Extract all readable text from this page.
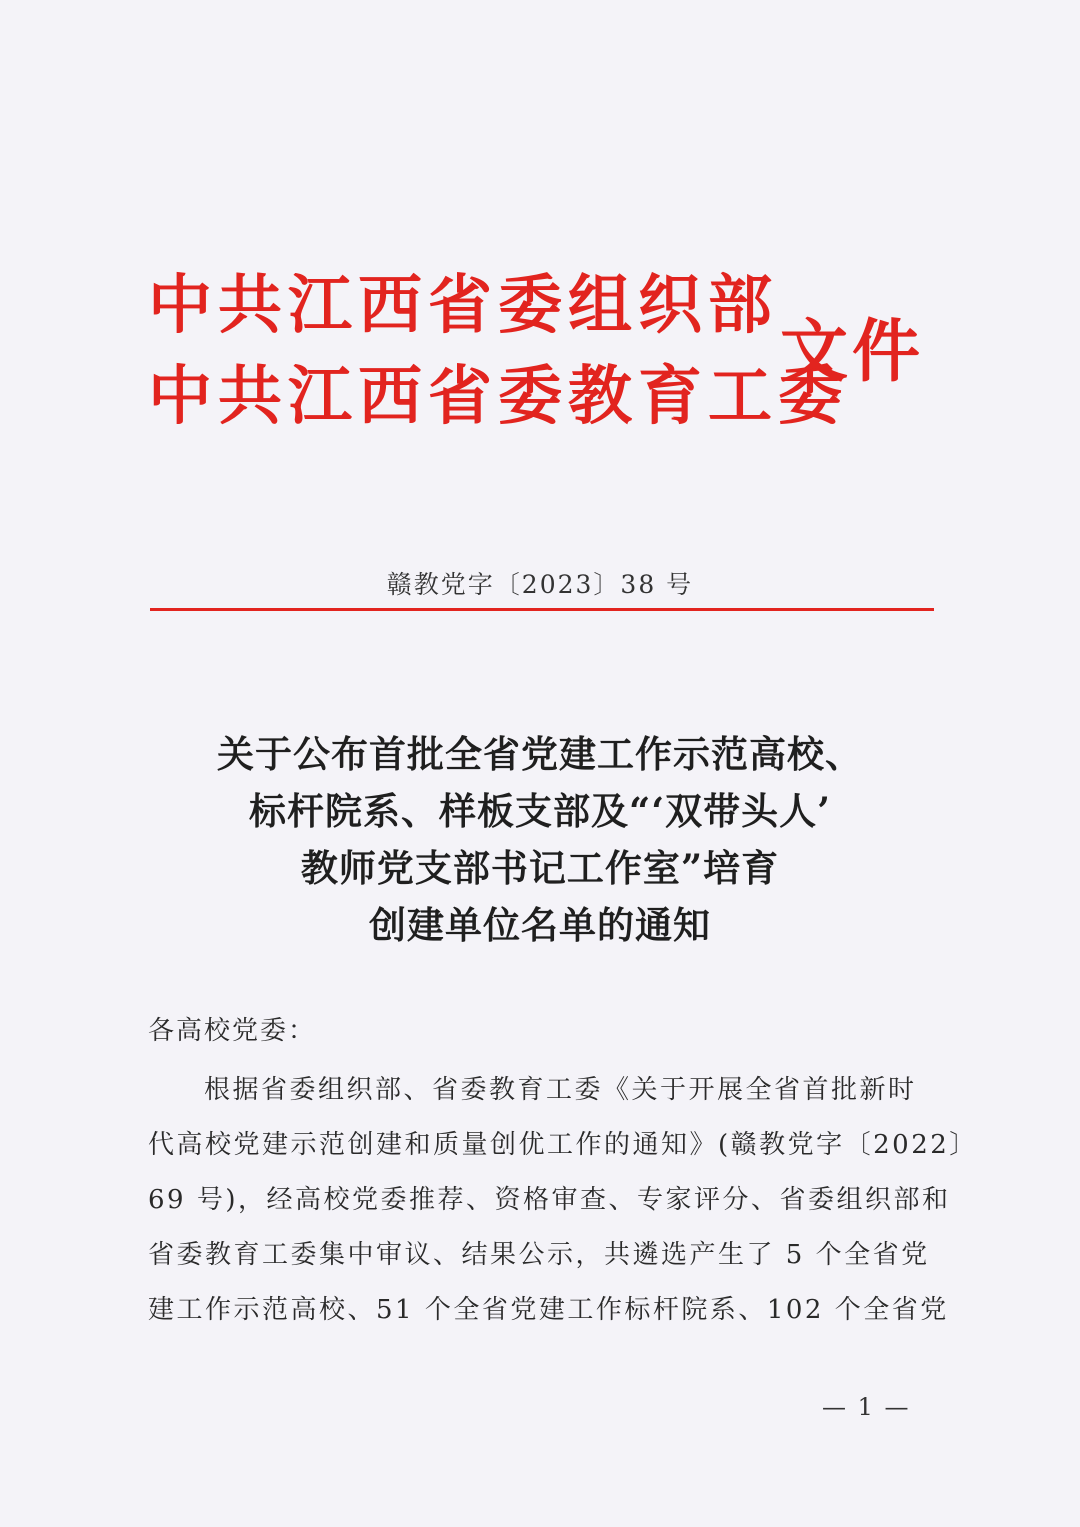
中共江西省委组织部
中共江西省委教育工委
文件
赣教党字〔2023〕38 号
关于公布首批全省党建工作示范高校、
标杆院系、样板支部及“‘双带头人’
教师党支部书记工作室”培育
创建单位名单的通知
各高校党委：
根据省委组织部、省委教育工委《关于开展全省首批新时
代高校党建示范创建和质量创优工作的通知》(赣教党字〔2022〕
69 号)，经高校党委推荐、资格审查、专家评分、省委组织部和
省委教育工委集中审议、结果公示，共遴选产生了 5 个全省党
建工作示范高校、51 个全省党建工作标杆院系、102 个全省党
— 1 —
